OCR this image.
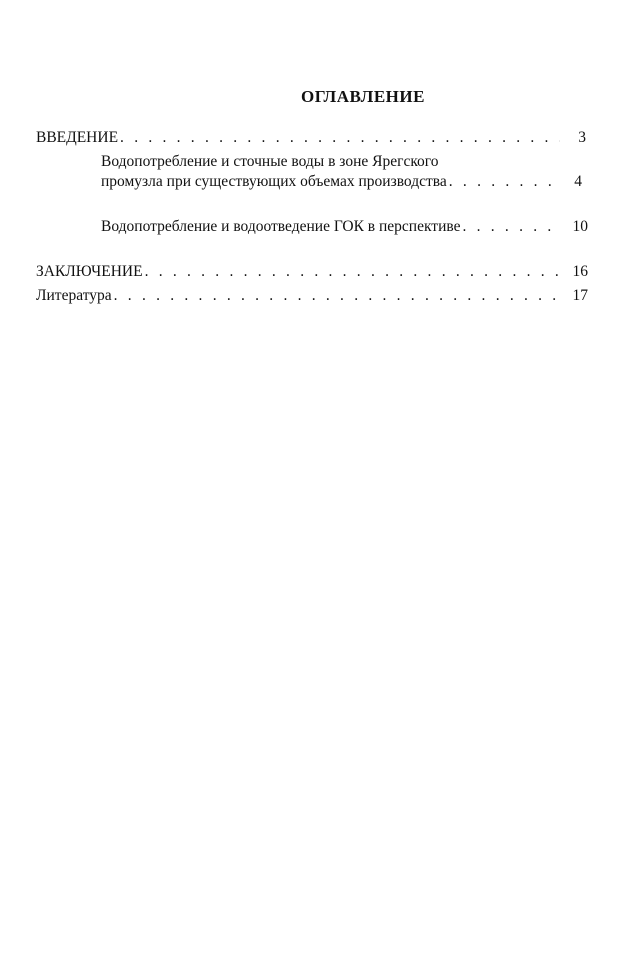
ОГЛАВЛЕНИЕ
ВВЕДЕНИЕ . . .	3
Водопотребление и сточные воды в зоне Ярегского
промузла при существующих объемах производства . . .	4
Водопотребление и водоотведение ГОК в перспективе . . .	10
ЗАКЛЮЧЕНИЕ . . .	16
Литература . . .	17
